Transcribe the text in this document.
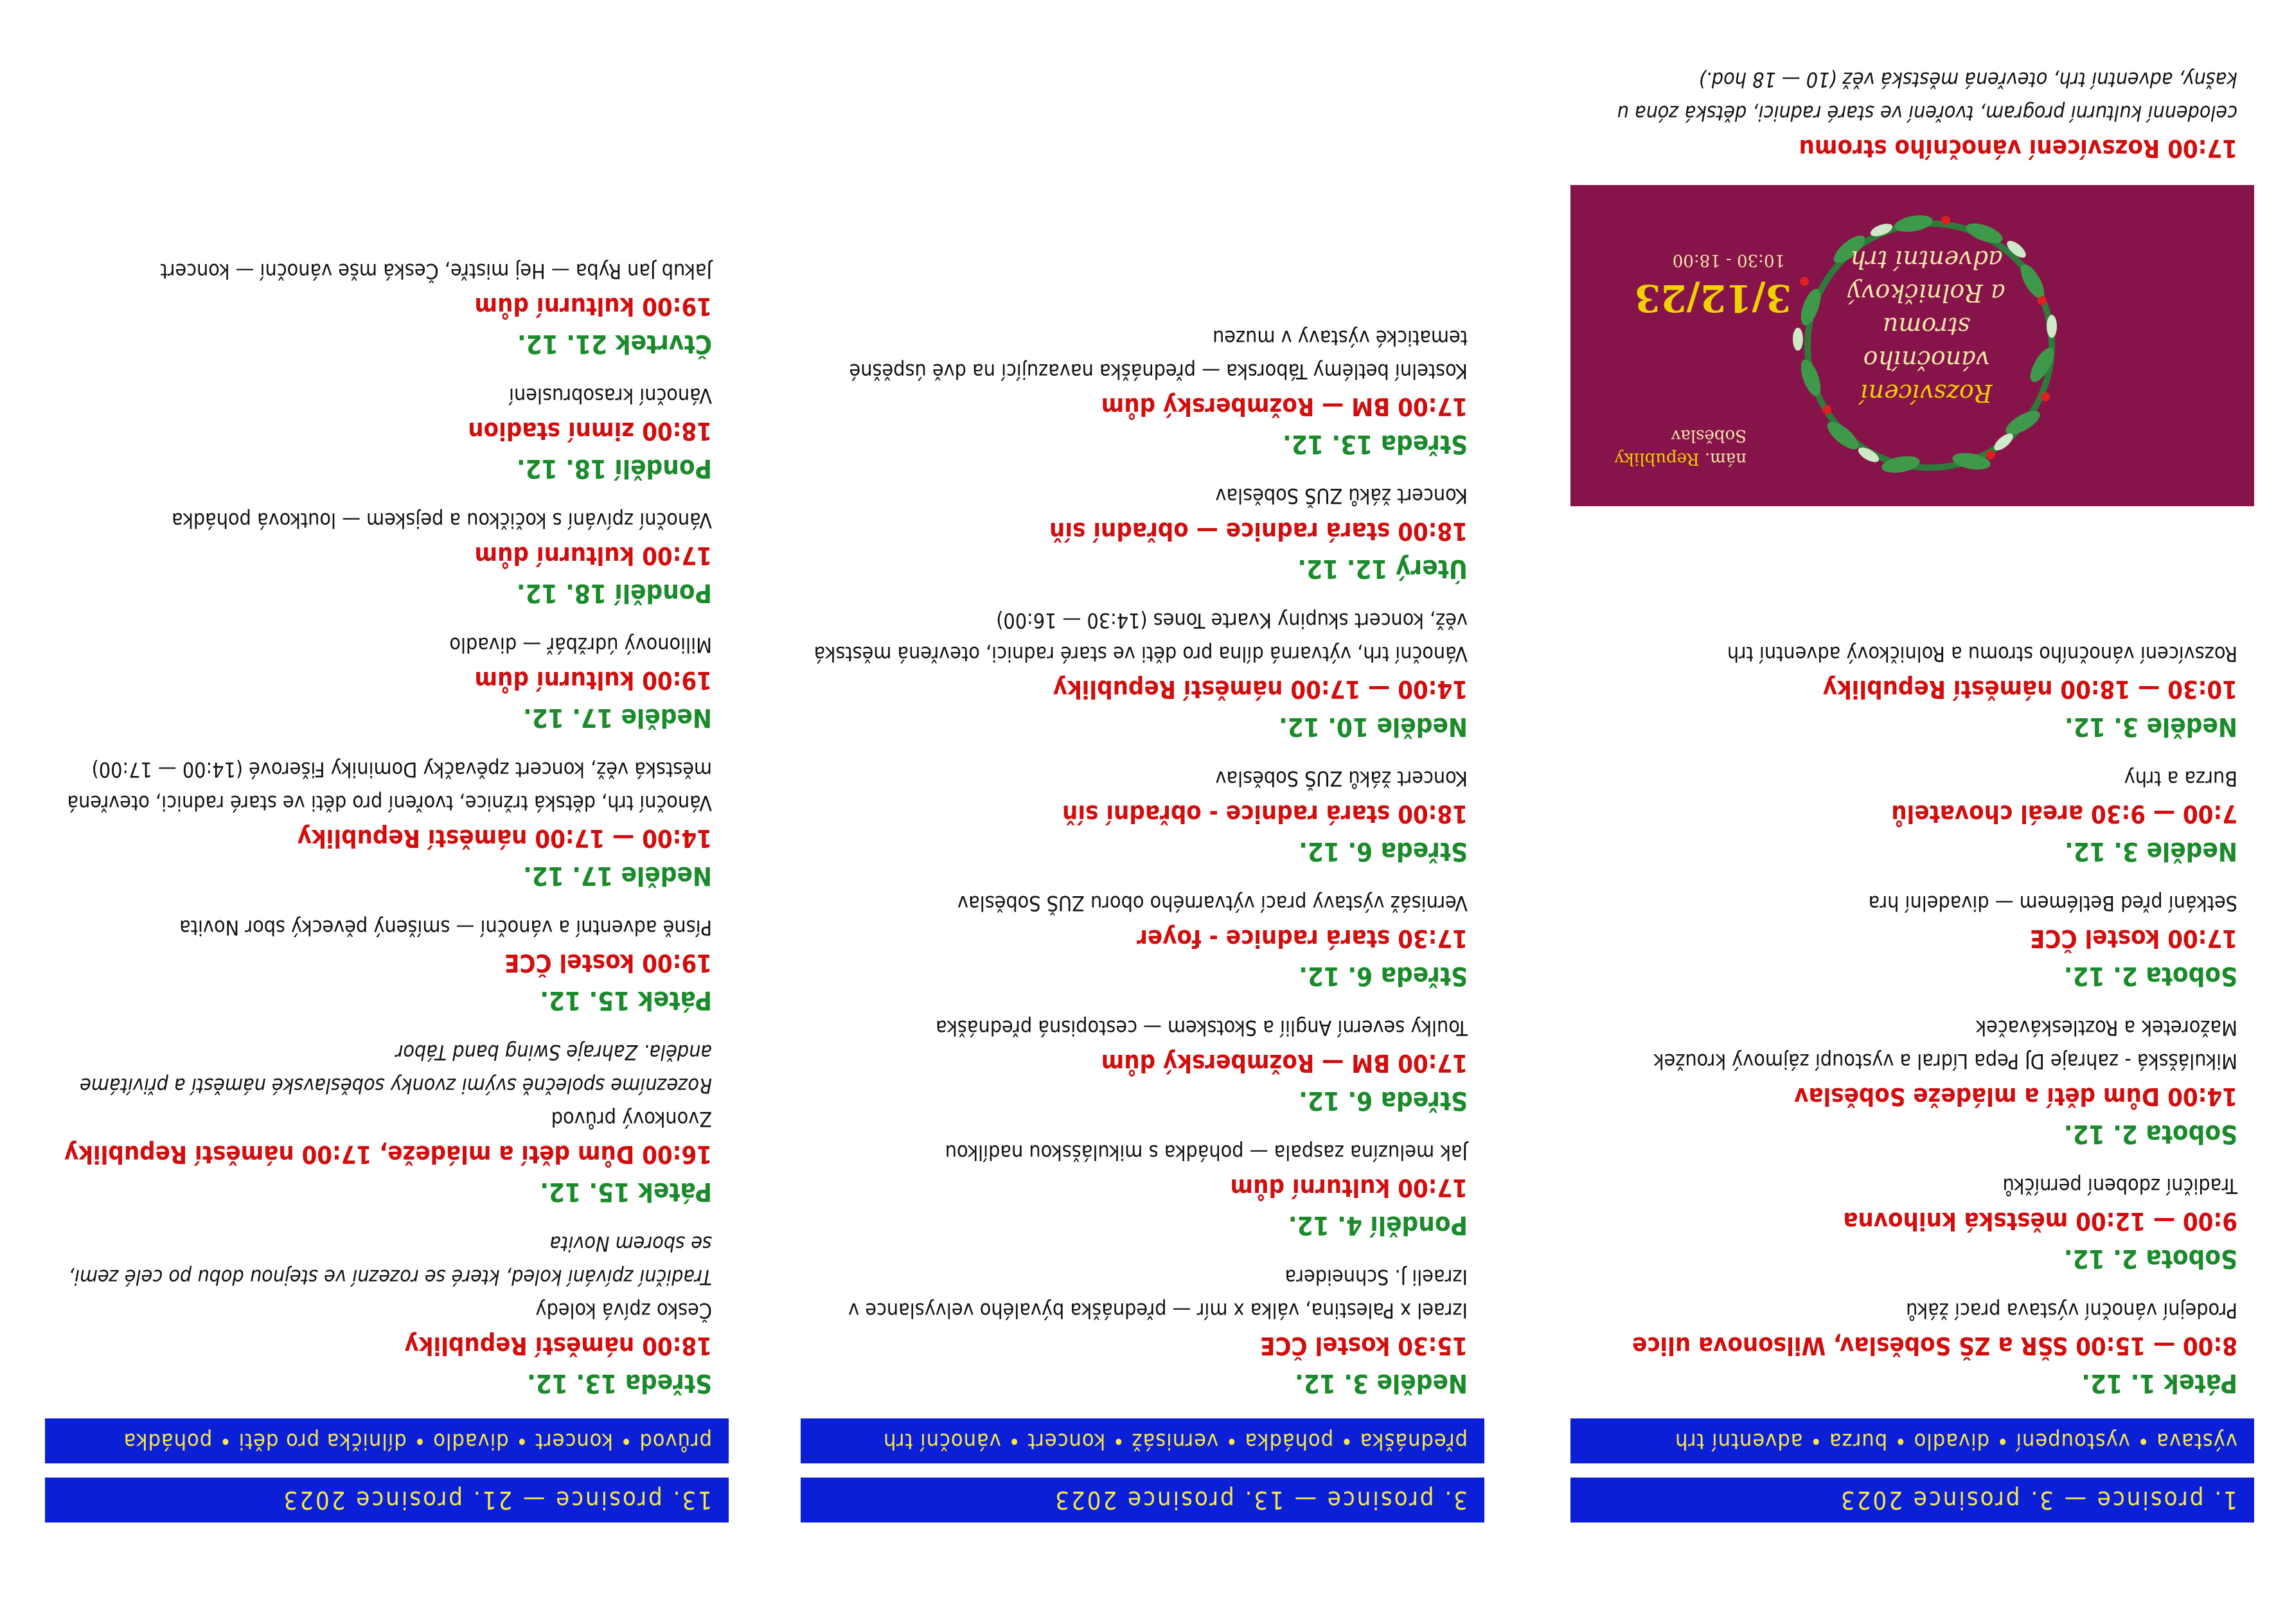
1. prosince — 3. prosince 2023
výstava • vystoupení • divadlo • burza • adventní trh
Pátek 1. 12.
8:00 — 15:00 SŠR a ZŠ Soběslav, Wilsonova ulice
Prodejní vánoční výstava prací žáků
Sobota 2. 12.
9:00 — 12:00 městská knihovna
Tradiční zdobení perníčků
Sobota 2. 12.
14:00 Dům dětí a mládeže Soběslav
Mikulášská - zahraje DJ Pepa Lídral a vystoupí zájmový kroužek Mažoretek a Roztleskávaček
Sobota 2. 12.
17:00 kostel ČCE
Setkání před Betlémem — divadelní hra
Neděle 3. 12.
7:00 — 9:30 areál chovatelů
Burza a trhy
Neděle 3. 12.
10:30 — 18:00 náměstí Republiky
Rozsvícení vánočního stromu a Rolničkový adventní trh
Rozsvícení
vánočního stromu
a Rolničkový
adventní trh
3/12/23
10:30 - 18:00
nám. Republiky
Soběslav
17:00 Rozsvícení vánočního stromu
celodenní kulturní program, tvoření ve staré radnici, dětská zóna u kašny, adventní trh, otevřená městská věž (10 — 18 hod.)
3. prosince — 13. prosince 2023
přednáška • pohádka • vernisáž • koncert • vánoční trh
Neděle 3. 12.
15:30 kostel ČCE
Izrael x Palestina, válka x mír — přednáška bývalého velvyslance v Izraeli J. Schneidera
Pondělí 4. 12.
17:00 kulturní dům
Jak meluzína zaspala — pohádka s mikulášskou nadílkou
Středa 6. 12.
17:00 BM — Rožmberský dům
Toulky severní Anglií a Skotskem — cestopisná přednáška
Středa 6. 12.
17:30 stará radnice - foyer
Vernisáž výstavy prací výtvarného oboru ZUŠ Soběslav
Středa 6. 12.
18:00 stará radnice - obřadní síň
Koncert žáků ZUŠ Soběslav
Neděle 10. 12.
14:00 — 17:00 náměstí Republiky
Vánoční trh, výtvarná dílna pro děti ve staré radnici, otevřená městská věž, koncert skupiny Kvarte Tones (14:30 — 16:00)
Úterý 12. 12.
18:00 stará radnice — obřadní síň
Koncert žáků ZUŠ Soběslav
Středa 13. 12.
17:00 BM — Rožmberský dům
Kostelní betlémy Táborska — přednáška navazující na dvě úspěšné tematické výstavy v muzeu
13. prosince — 21. prosince 2023
průvod • koncert • divadlo • dílnička pro děti • pohádka
Středa 13. 12.
18:00 náměstí Republiky
Česko zpívá koledy
Tradiční zpívání koled, které se rozezní ve stejnou dobu po celé zemi, se sborem Novita
Pátek 15. 12.
16:00 Dům dětí a mládeže, 17:00 náměstí Republiky
Zvonkový průvod
Rozezníme společně svými zvonky soběslavské náměstí a přivítáme anděla. Zahraje Swing band Tábor
Pátek 15. 12.
19:00 kostel ČCE
Písně adventní a vánoční — smíšený pěvecký sbor Novita
Neděle 17. 12.
14:00 — 17:00 náměstí Republiky
Vánoční trh, dětská tržnice, tvoření pro děti ve staré radnici, otevřená městská věž, koncert zpěvačky Dominiky Fišerové (14:00 — 17:00)
Neděle 17. 12.
19:00 kulturní dům
Milionový údržbář — divadlo
Pondělí 18. 12.
17:00 kulturní dům
Vánoční zpívání s kočičkou a pejskem — loutková pohádka
Pondělí 18. 12.
18:00 zimní stadion
Vánoční krasobruslení
Čtvrtek 21. 12.
19:00 kulturní dům
Jakub Jan Ryba — Hej mistře, Česká mše vánoční — koncert
